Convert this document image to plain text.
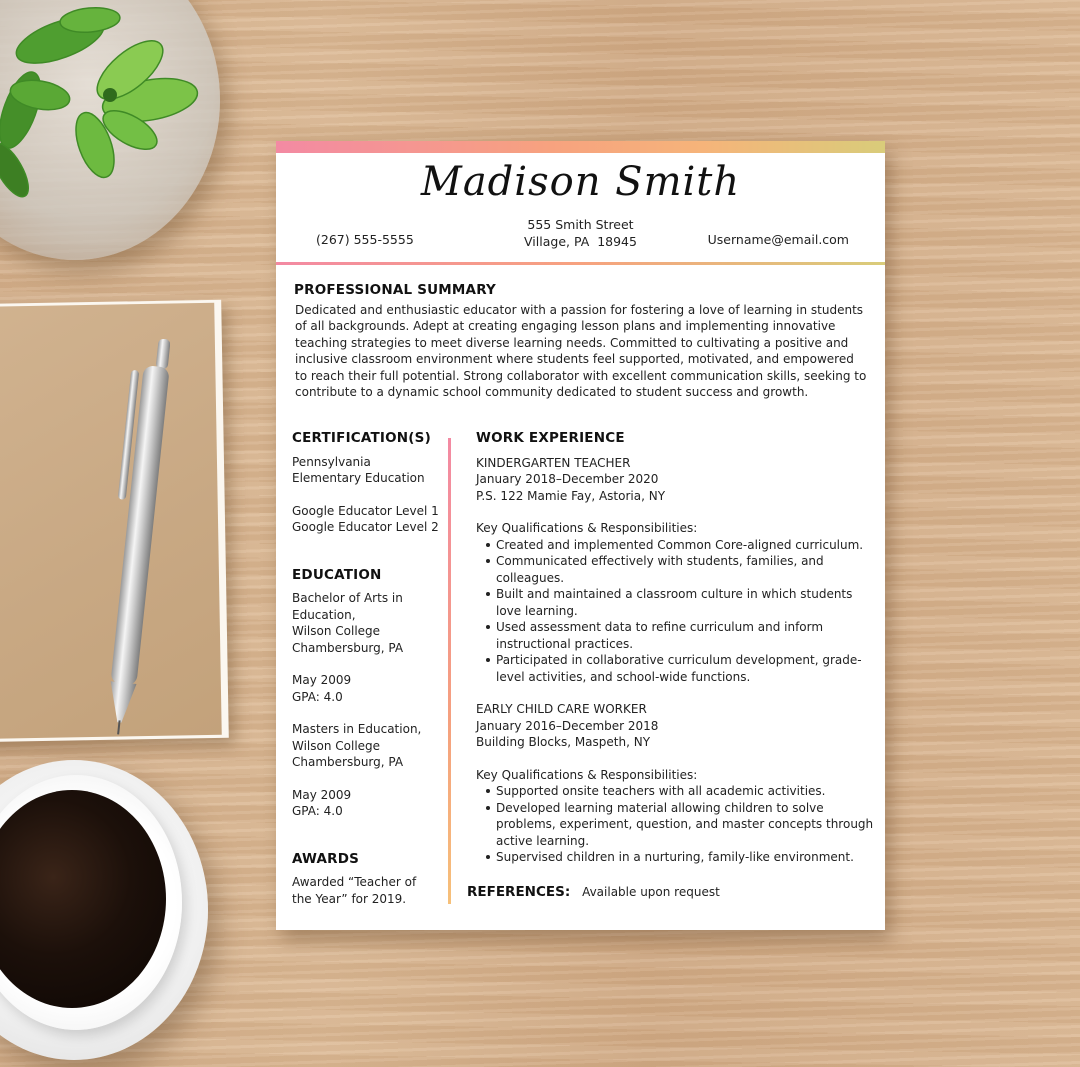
Madison Smith
(267) 555-5555
555 Smith Street
Village, PA  18945	Username@email.com
PROFESSIONAL SUMMARY
Dedicated and enthusiastic educator with a passion for fostering a love of learning in students of all backgrounds. Adept at creating engaging lesson plans and implementing innovative teaching strategies to meet diverse learning needs. Committed to cultivating a positive and inclusive classroom environment where students feel supported, motivated, and empowered to reach their full potential. Strong collaborator with excellent communication skills, seeking to contribute to a dynamic school community dedicated to student success and growth.
CERTIFICATION(S)
Pennsylvania
Elementary Education
Google Educator Level 1
Google Educator Level 2
EDUCATION
Bachelor of Arts in
Education,
Wilson College
Chambersburg, PA
May 2009
GPA: 4.0
Masters in Education,
Wilson College
Chambersburg, PA
May 2009
GPA: 4.0
AWARDS
Awarded “Teacher of
the Year” for 2019.
WORK EXPERIENCE
KINDERGARTEN TEACHER
January 2018–December 2020
P.S. 122 Mamie Fay, Astoria, NY
Key Qualifications & Responsibilities:
Created and implemented Common Core-aligned curriculum.
Communicated effectively with students, families, and colleagues.
Built and maintained a classroom culture in which students love learning.
Used assessment data to refine curriculum and inform instructional practices.
Participated in collaborative curriculum development, grade-level activities, and school-wide functions.
EARLY CHILD CARE WORKER
January 2016–December 2018
Building Blocks, Maspeth, NY
Key Qualifications & Responsibilities:
Supported onsite teachers with all academic activities.
Developed learning material allowing children to solve problems, experiment, question, and master concepts through active learning.
Supervised children in a nurturing, family-like environment.
REFERENCES: Available upon request
